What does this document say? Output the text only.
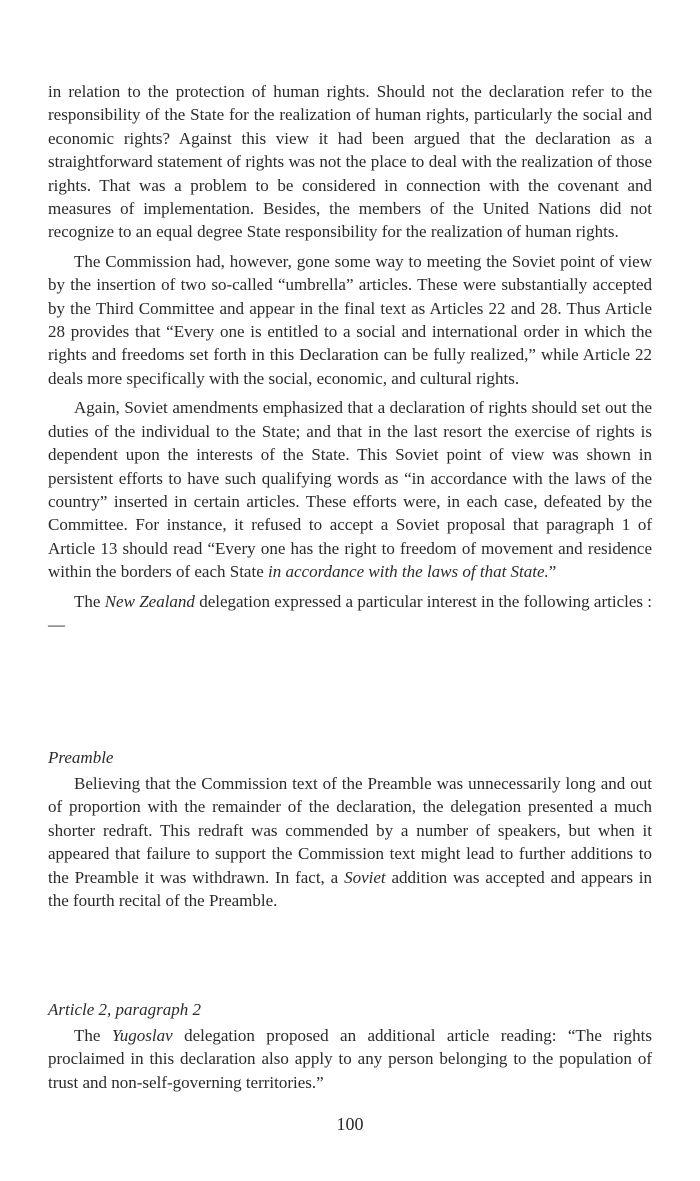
in relation to the protection of human rights. Should not the declaration refer to the responsibility of the State for the realization of human rights, particularly the social and economic rights? Against this view it had been argued that the declaration as a straightforward statement of rights was not the place to deal with the realization of those rights. That was a problem to be considered in connection with the covenant and measures of implementation. Besides, the members of the United Nations did not recognize to an equal degree State responsibility for the realization of human rights.

The Commission had, however, gone some way to meeting the Soviet point of view by the insertion of two so-called “umbrella” articles. These were substantially accepted by the Third Committee and appear in the final text as Articles 22 and 28. Thus Article 28 provides that “Every one is entitled to a social and international order in which the rights and freedoms set forth in this Declaration can be fully realized,” while Article 22 deals more specifically with the social, economic, and cultural rights.

Again, Soviet amendments emphasized that a declaration of rights should set out the duties of the individual to the State; and that in the last resort the exercise of rights is dependent upon the interests of the State. This Soviet point of view was shown in persistent efforts to have such qualifying words as “in accordance with the laws of the country” inserted in certain articles. These efforts were, in each case, defeated by the Committee. For instance, it refused to accept a Soviet proposal that paragraph 1 of Article 13 should read “Every one has the right to freedom of movement and residence within the borders of each State in accordance with the laws of that State.”

The New Zealand delegation expressed a particular interest in the following articles :—

Preamble

Believing that the Commission text of the Preamble was unnecessarily long and out of proportion with the remainder of the declaration, the delegation presented a much shorter redraft. This redraft was commended by a number of speakers, but when it appeared that failure to support the Commission text might lead to further additions to the Preamble it was withdrawn. In fact, a Soviet addition was accepted and appears in the fourth recital of the Preamble.

Article 2, paragraph 2

The Yugoslav delegation proposed an additional article reading: “The rights proclaimed in this declaration also apply to any person belonging to the population of trust and non-self-governing territories.”

100
